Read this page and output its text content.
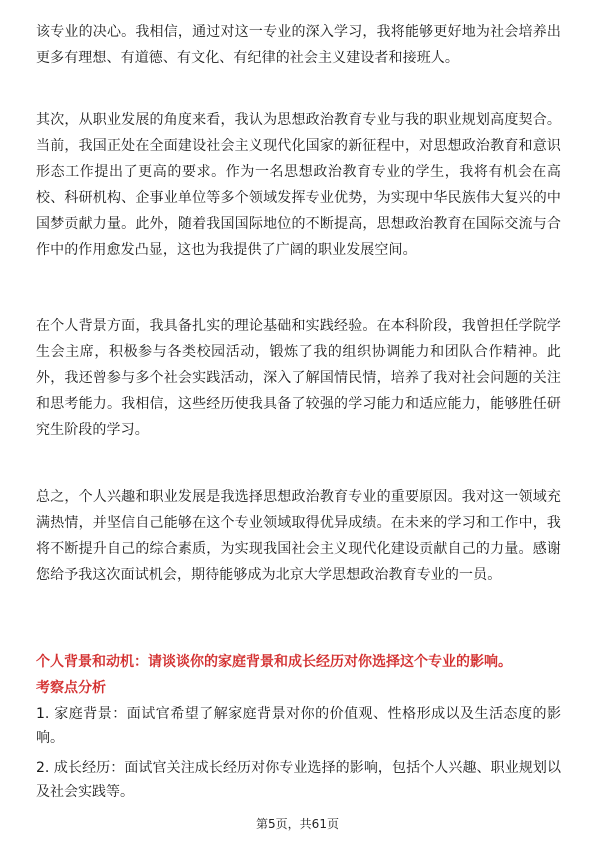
该专业的决心。我相信，通过对这一专业的深入学习，我将能够更好地为社会培养出更多有理想、有道德、有文化、有纪律的社会主义建设者和接班人。

其次，从职业发展的角度来看，我认为思想政治教育专业与我的职业规划高度契合。当前，我国正处在全面建设社会主义现代化国家的新征程中，对思想政治教育和意识形态工作提出了更高的要求。作为一名思想政治教育专业的学生，我将有机会在高校、科研机构、企事业单位等多个领域发挥专业优势，为实现中华民族伟大复兴的中国梦贡献力量。此外，随着我国国际地位的不断提高，思想政治教育在国际交流与合作中的作用愈发凸显，这也为我提供了广阔的职业发展空间。

在个人背景方面，我具备扎实的理论基础和实践经验。在本科阶段，我曾担任学院学生会主席，积极参与各类校园活动，锻炼了我的组织协调能力和团队合作精神。此外，我还曾参与多个社会实践活动，深入了解国情民情，培养了我对社会问题的关注和思考能力。我相信，这些经历使我具备了较强的学习能力和适应能力，能够胜任研究生阶段的学习。

总之，个人兴趣和职业发展是我选择思想政治教育专业的重要原因。我对这一领域充满热情，并坚信自己能够在这个专业领域取得优异成绩。在未来的学习和工作中，我将不断提升自己的综合素质，为实现我国社会主义现代化建设贡献自己的力量。感谢您给予我这次面试机会，期待能够成为北京大学思想政治教育专业的一员。

个人背景和动机：请谈谈你的家庭背景和成长经历对你选择这个专业的影响。
考察点分析
1. 家庭背景：面试官希望了解家庭背景对你的价值观、性格形成以及生活态度的影响。
2. 成长经历：面试官关注成长经历对你专业选择的影响，包括个人兴趣、职业规划以及社会实践等。
第5页，共61页
